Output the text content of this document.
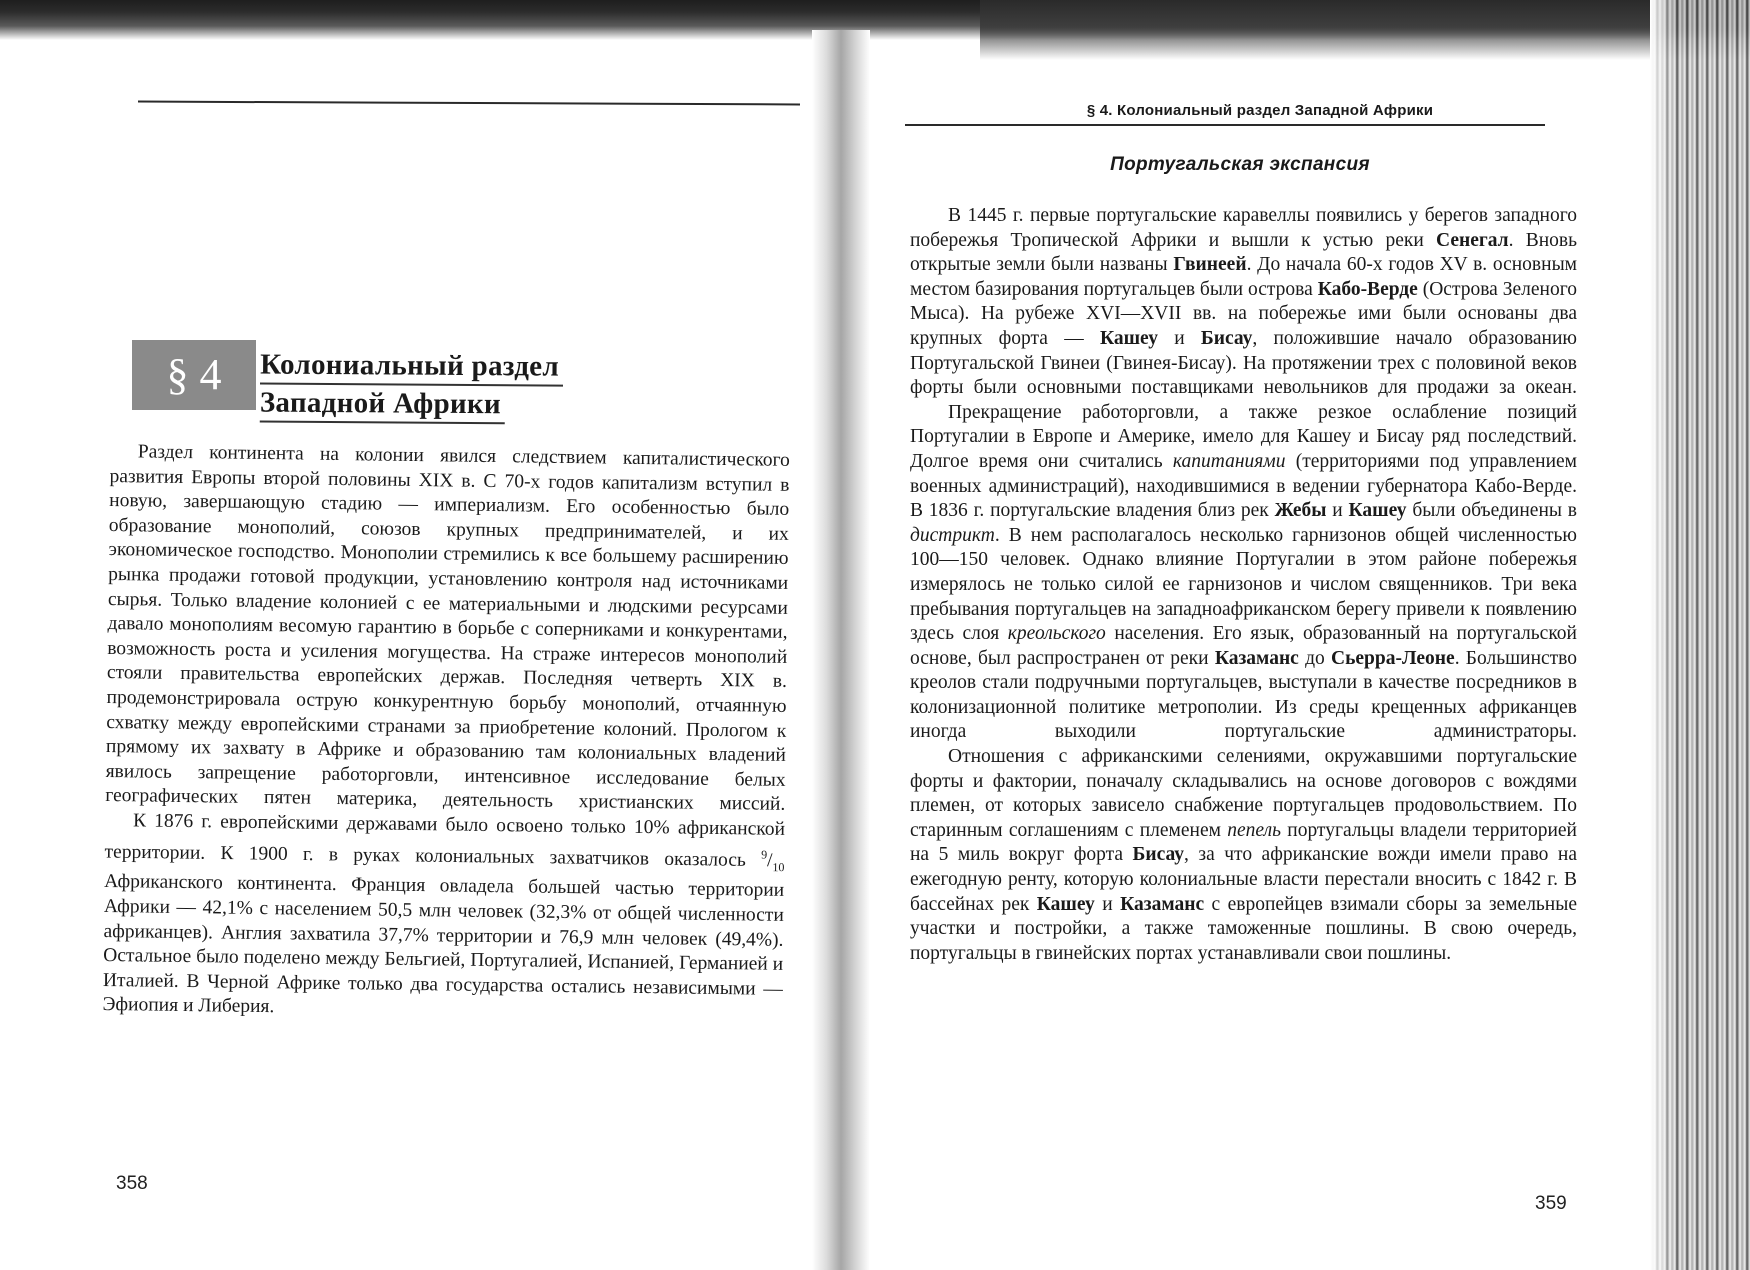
§ 4	Колониальный раздел
Западной Африки

Раздел континента на колонии явился следствием капиталистического развития Европы второй половины XIX в. С 70-х годов капитализм вступил в новую, завершающую стадию — империализм. Его особенностью было образование монополий, союзов крупных предпринимателей, и их экономическое господство. Монополии стремились к все большему расширению рынка продажи готовой продукции, установлению контроля над источниками сырья. Только владение колонией с ее материальными и людскими ресурсами давало монополиям весомую гарантию в борьбе с соперниками и конкурентами, возможность роста и усиления могущества. На страже интересов монополий стояли правительства европейских держав. Последняя четверть XIX в. продемонстрировала острую конкурентную борьбу монополий, отчаянную схватку между европейскими странами за приобретение колоний. Прологом к прямому их захвату в Африке и образованию там колониальных владений явилось запрещение работорговли, интенсивное исследование белых географических пятен материка, деятельность христианских миссий.

К 1876 г. европейскими державами было освоено только 10% африканской территории. К 1900 г. в руках колониальных захватчиков оказалось $^9/_{10}$ Африканского континента. Франция овладела большей частью территории Африки — 42,1% с населением 50,5 млн человек (32,3% от общей численности африканцев). Англия захватила 37,7% территории и 76,9 млн человек (49,4%). Остальное было поделено между Бельгией, Португалией, Испанией, Германией и Италией. В Черной Африке только два государства остались независимыми — Эфиопия и Либерия.

358
§ 4. Колониальный раздел Западной Африки
Португальская экспансия

В 1445 г. первые португальские каравеллы появились у берегов западного побережья Тропической Африки и вышли к устью реки Сенегал. Вновь открытые земли были названы Гвинеей. До начала 60-х годов XV в. основным местом базирования португальцев были острова Кабо-Верде (Острова Зеленого Мыса). На рубеже XVI—XVII вв. на побережье ими были основаны два крупных форта — Кашеу и Бисау, положившие начало образованию Португальской Гвинеи (Гвинея-Бисау). На протяжении трех с половиной веков форты были основными поставщиками невольников для продажи за океан.

Прекращение работорговли, а также резкое ослабление позиций Португалии в Европе и Америке, имело для Кашеу и Бисау ряд последствий. Долгое время они считались капитаниями (территориями под управлением военных администраций), находившимися в ведении губернатора Кабо-Верде. В 1836 г. португальские владения близ рек Жебы и Кашеу были объединены в дистрикт. В нем располагалось несколько гарнизонов общей численностью 100—150 человек. Однако влияние Португалии в этом районе побережья измерялось не только силой ее гарнизонов и числом священников. Три века пребывания португальцев на западноафриканском берегу привели к появлению здесь слоя креольского населения. Его язык, образованный на португальской основе, был распространен от реки Казаманс до Сьерра-Леоне. Большинство креолов стали подручными португальцев, выступали в качестве посредников в колонизационной политике метрополии. Из среды крещенных африканцев иногда выходили португальские администраторы.

Отношения с африканскими селениями, окружавшими португальские форты и фактории, поначалу складывались на основе договоров с вождями племен, от которых зависело снабжение португальцев продовольствием. По старинным соглашениям с племенем пепель португальцы владели территорией на 5 миль вокруг форта Бисау, за что африканские вожди имели право на ежегодную ренту, которую колониальные власти перестали вносить с 1842 г. В бассейнах рек Кашеу и Казаманс с европейцев взимали сборы за земельные участки и постройки, а также таможенные пошлины. В свою очередь, португальцы в гвинейских портах устанавливали свои пошлины.

359
